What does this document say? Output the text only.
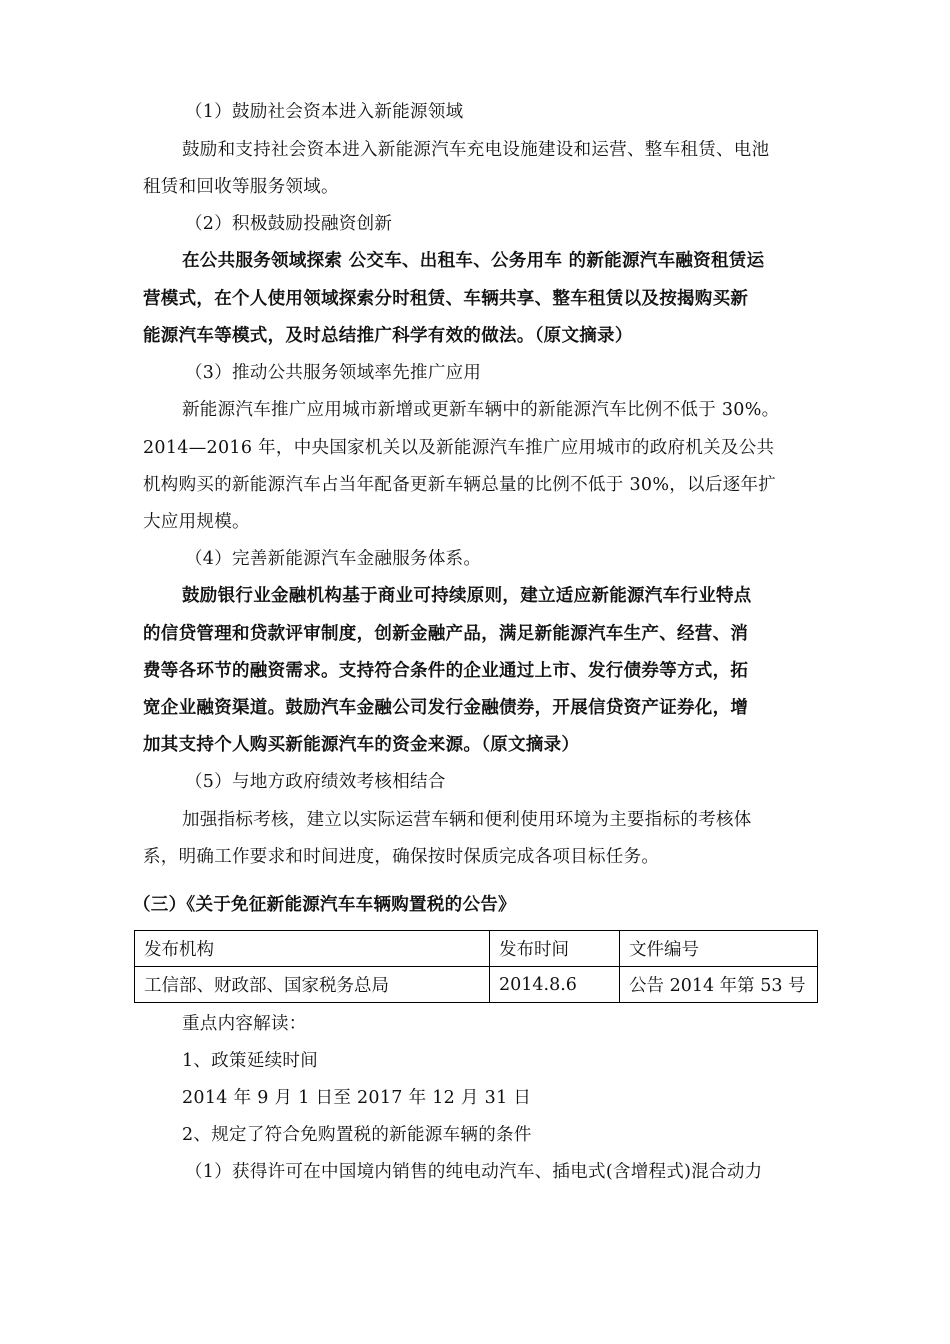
（1）鼓励社会资本进入新能源领域
鼓励和支持社会资本进入新能源汽车充电设施建设和运营、整车租赁、电池
租赁和回收等服务领域。
（2）积极鼓励投融资创新
在公共服务领域探索 公交车、出租车、公务用车 的新能源汽车融资租赁运
营模式，在个人使用领域探索分时租赁、车辆共享、整车租赁以及按揭购买新
能源汽车等模式，及时总结推广科学有效的做法。（原文摘录）
（3）推动公共服务领域率先推广应用
新能源汽车推广应用城市新增或更新车辆中的新能源汽车比例不低于 30%。
2014—2016 年，中央国家机关以及新能源汽车推广应用城市的政府机关及公共
机构购买的新能源汽车占当年配备更新车辆总量的比例不低于 30%，以后逐年扩
大应用规模。
（4）完善新能源汽车金融服务体系。
鼓励银行业金融机构基于商业可持续原则，建立适应新能源汽车行业特点
的信贷管理和贷款评审制度，创新金融产品，满足新能源汽车生产、经营、消
费等各环节的融资需求。支持符合条件的企业通过上市、发行债券等方式，拓
宽企业融资渠道。鼓励汽车金融公司发行金融债券，开展信贷资产证券化，增
加其支持个人购买新能源汽车的资金来源。（原文摘录）
（5）与地方政府绩效考核相结合
加强指标考核，建立以实际运营车辆和便利使用环境为主要指标的考核体
系，明确工作要求和时间进度，确保按时保质完成各项目标任务。
（三）《关于免征新能源汽车车辆购置税的公告》
重点内容解读：
1、政策延续时间
2014 年 9 月 1 日至 2017 年 12 月 31 日
2、规定了符合免购置税的新能源车辆的条件
（1）获得许可在中国境内销售的纯电动汽车、插电式(含增程式)混合动力
发布机构	发布时间	文件编号
工信部、财政部、国家税务总局	2014.8.6	公告 2014 年第 53 号
